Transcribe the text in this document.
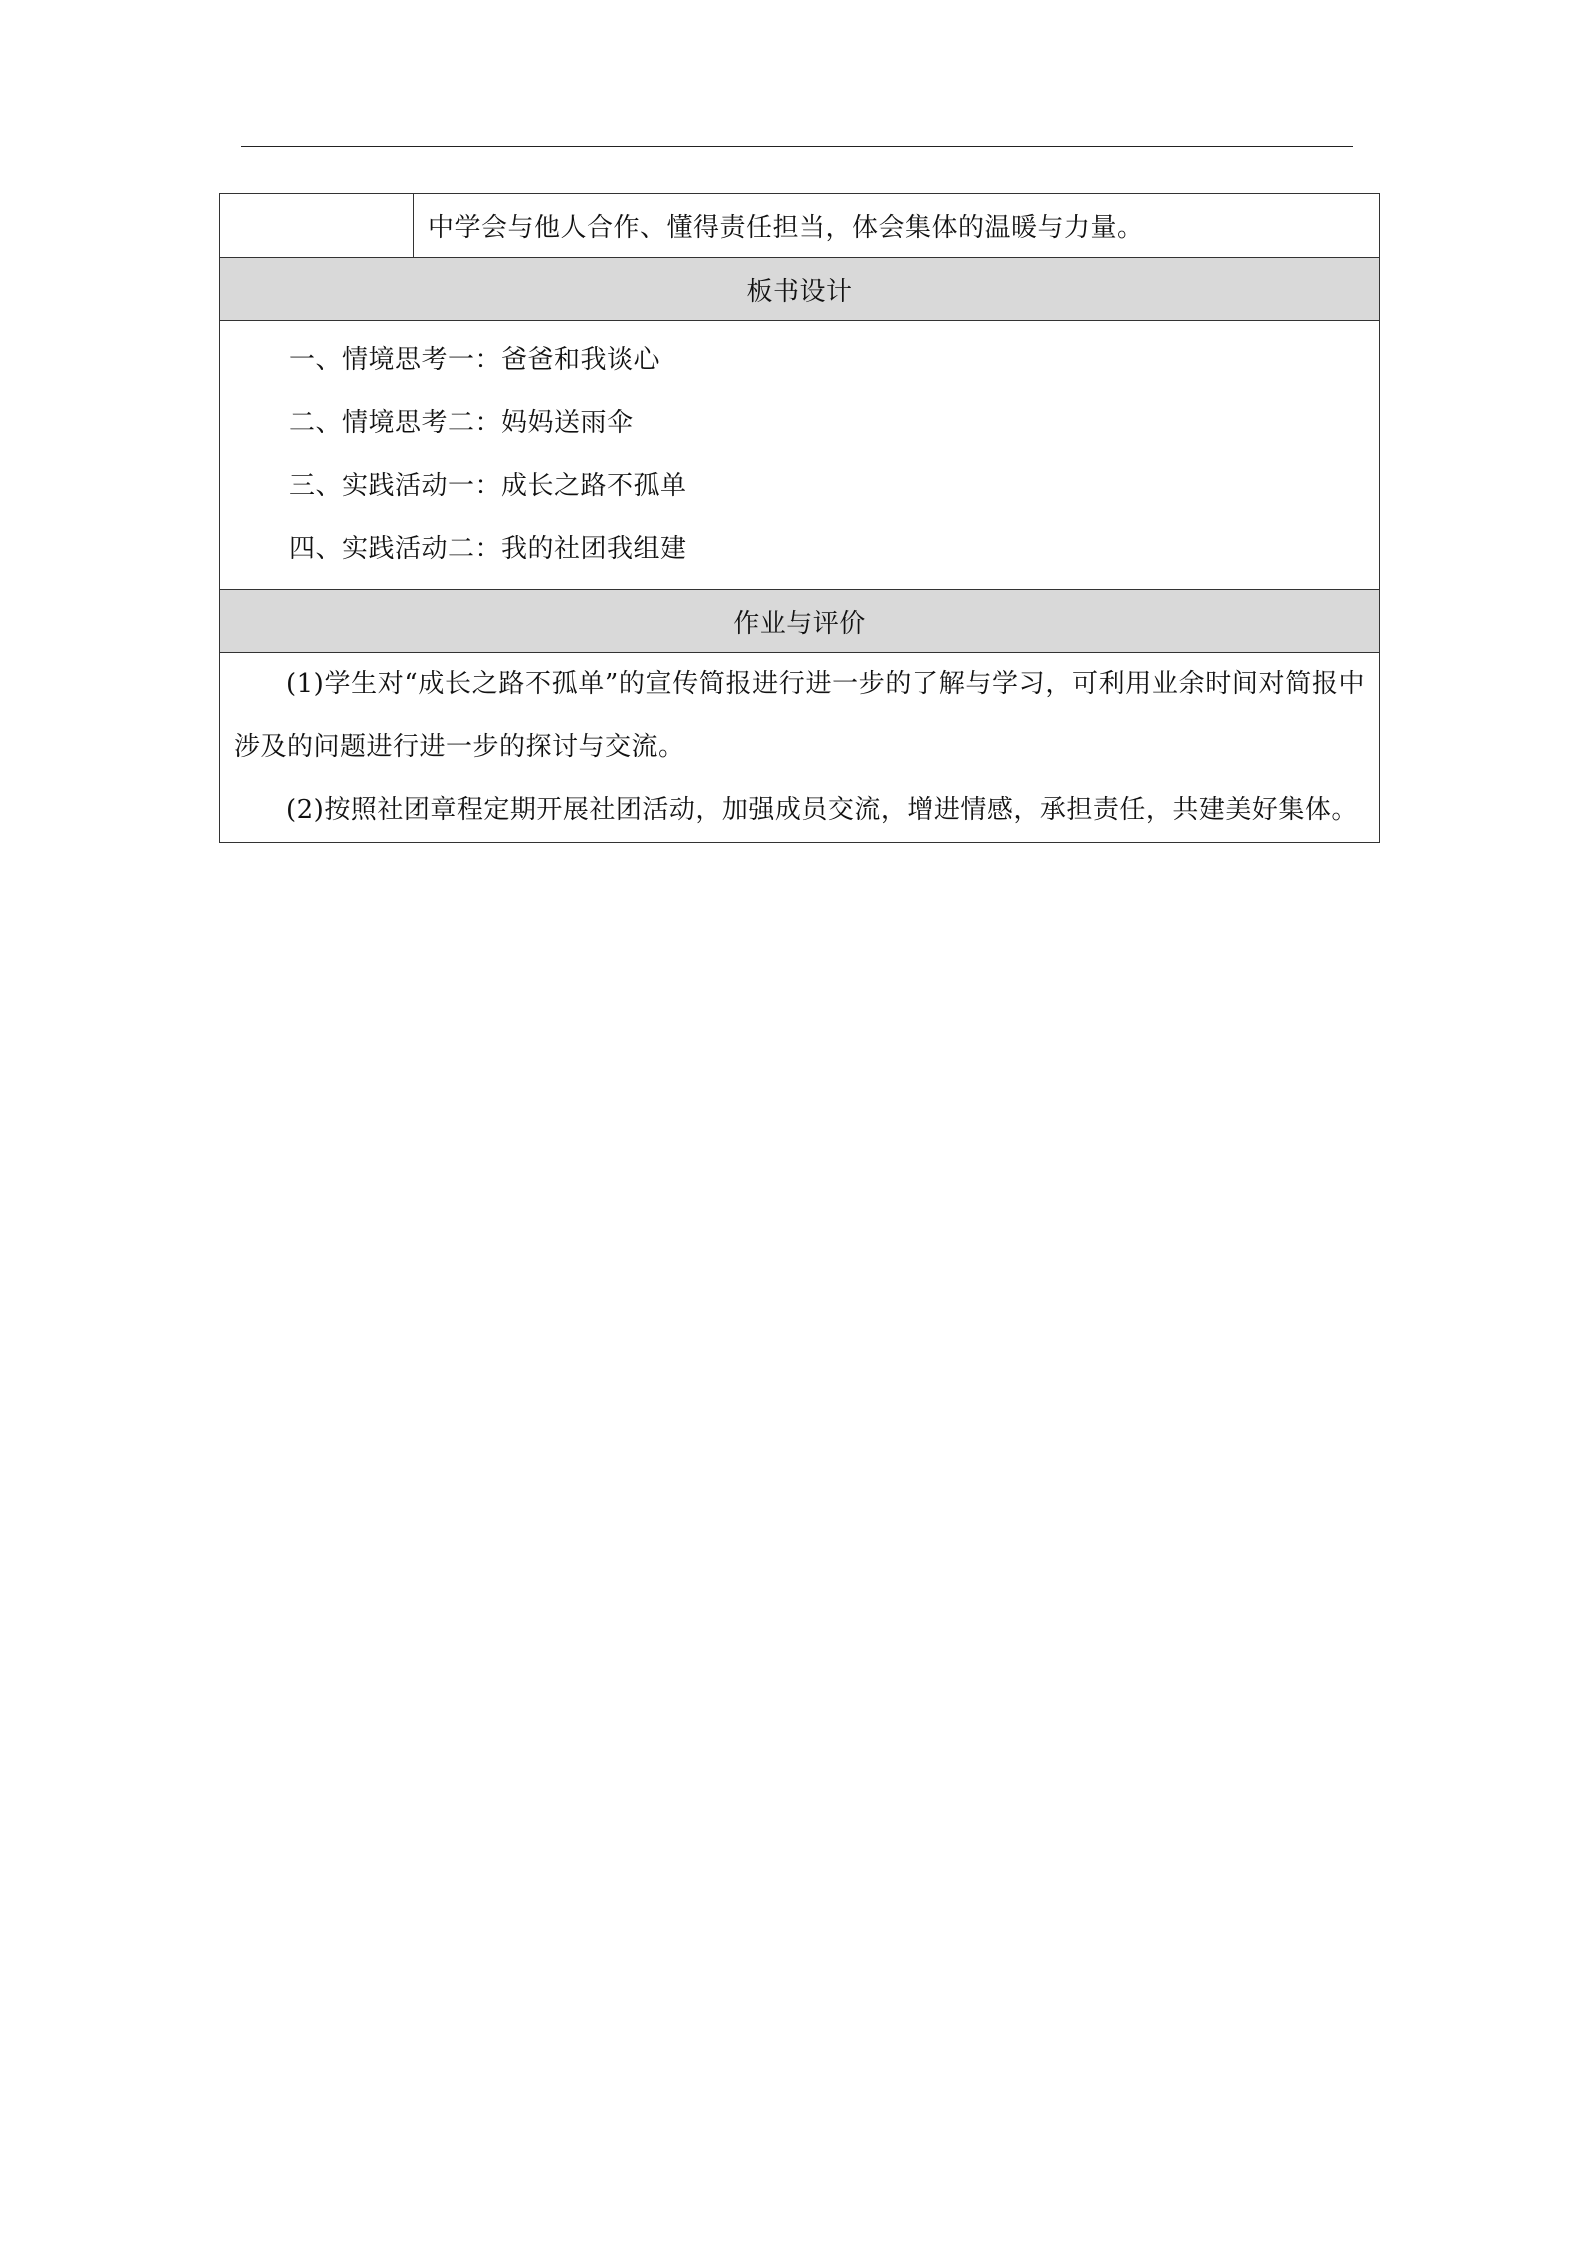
	中学会与他人合作、懂得责任担当，体会集体的温暖与力量。
板书设计

一、情境思考一：爸爸和我谈心
二、情境思考二：妈妈送雨伞
三、实践活动一：成长之路不孤单
四、实践活动二：我的社团我组建

作业与评价

(1)学生对“成长之路不孤单”的宣传简报进行进一步的了解与学习，可利用业余时间对简报中涉及的问题进行进一步的探讨与交流。
(2)按照社团章程定期开展社团活动，加强成员交流，增进情感，承担责任，共建美好集体。
